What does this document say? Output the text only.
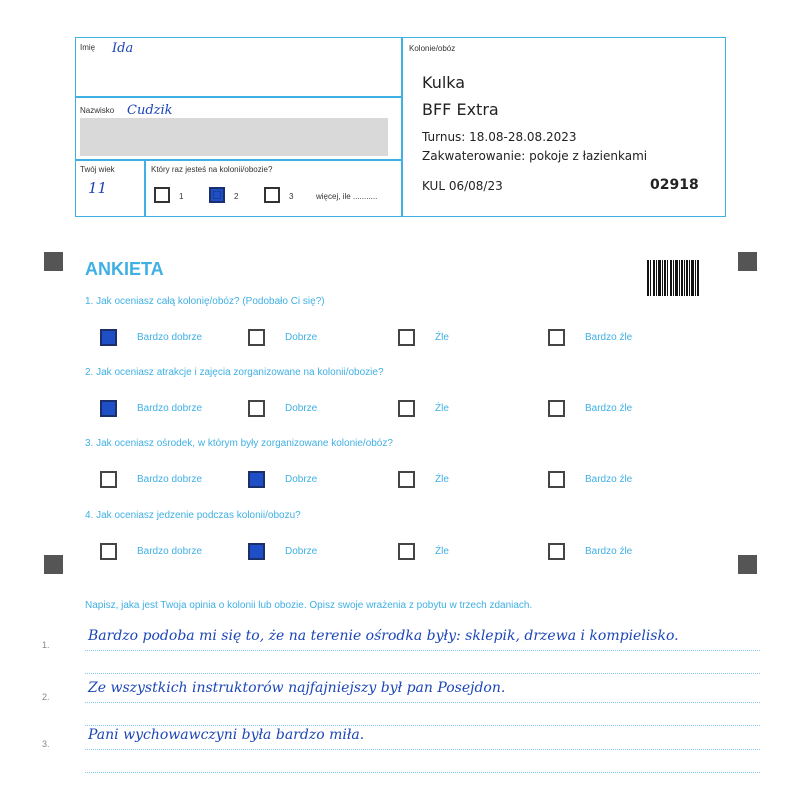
Imię Ida
Nazwisko Cudzik
Twój wiek
11
Który raz jesteś na kolonii/obozie?
1	2	3	więcej, ile ...........
Kolonie/obóz
Kulka
BFF Extra
Turnus: 18.08-28.08.2023
Zakwaterowanie: pokoje z łazienkami
KUL 06/08/23	02918
ANKIETA
1. Jak oceniasz całą kolonię/obóz? (Podobało Ci się?)
Bardzo dobrze	Dobrze	Źle	Bardzo źle
2. Jak oceniasz atrakcje i zajęcia zorganizowane na kolonii/obozie?
Bardzo dobrze	Dobrze	Źle	Bardzo źle
3. Jak oceniasz ośrodek, w którym były zorganizowane kolonie/obóz?
Bardzo dobrze	Dobrze	Źle	Bardzo źle
4. Jak oceniasz jedzenie podczas kolonii/obozu?
Bardzo dobrze	Dobrze	Źle	Bardzo źle
Napisz, jaka jest Twoja opinia o kolonii lub obozie. Opisz swoje wrażenia z pobytu w trzech zdaniach.
1.
Bardzo podoba mi się to, że na terenie ośrodka były: sklepik, drzewa i kompielisko.
2.
Ze wszystkich instruktorów najfajniejszy był pan Posejdon.
3.
Pani wychowawczyni była bardzo miła.
